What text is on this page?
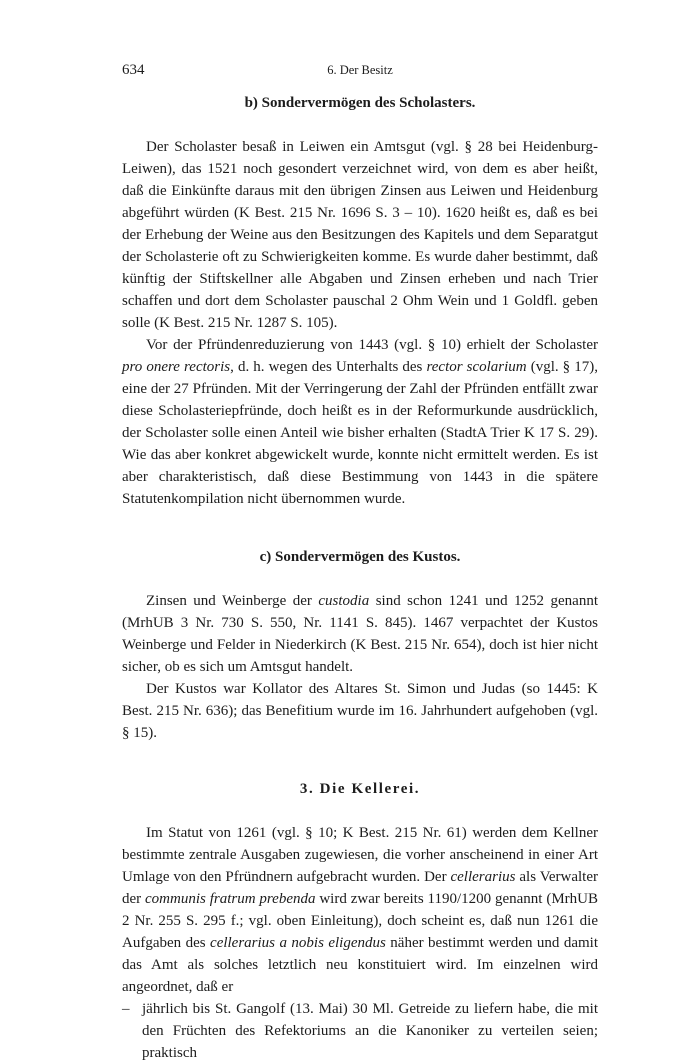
634	6. Der Besitz
b) Sondervermögen des Scholasters.

Der Scholaster besaß in Leiwen ein Amtsgut (vgl. § 28 bei Heidenburg-Leiwen), das 1521 noch gesondert verzeichnet wird, von dem es aber heißt, daß die Einkünfte daraus mit den übrigen Zinsen aus Leiwen und Heidenburg abgeführt würden (K Best. 215 Nr. 1696 S. 3 – 10). 1620 heißt es, daß es bei der Erhebung der Weine aus den Besitzungen des Kapitels und dem Separatgut der Scholasterie oft zu Schwierigkeiten komme. Es wurde daher bestimmt, daß künftig der Stiftskellner alle Abgaben und Zinsen erheben und nach Trier schaffen und dort dem Scholaster pauschal 2 Ohm Wein und 1 Goldfl. geben solle (K Best. 215 Nr. 1287 S. 105).

Vor der Pfründenreduzierung von 1443 (vgl. § 10) erhielt der Scholaster pro onere rectoris, d. h. wegen des Unterhalts des rector scolarium (vgl. § 17), eine der 27 Pfründen. Mit der Verringerung der Zahl der Pfründen entfällt zwar diese Scholasteriepfründe, doch heißt es in der Reformurkunde ausdrücklich, der Scholaster solle einen Anteil wie bisher erhalten (StadtA Trier K 17 S. 29). Wie das aber konkret abgewickelt wurde, konnte nicht ermittelt werden. Es ist aber charakteristisch, daß diese Bestimmung von 1443 in die spätere Statutenkompilation nicht übernommen wurde.

c) Sondervermögen des Kustos.

Zinsen und Weinberge der custodia sind schon 1241 und 1252 genannt (MrhUB 3 Nr. 730 S. 550, Nr. 1141 S. 845). 1467 verpachtet der Kustos Weinberge und Felder in Niederkirch (K Best. 215 Nr. 654), doch ist hier nicht sicher, ob es sich um Amtsgut handelt.

Der Kustos war Kollator des Altares St. Simon und Judas (so 1445: K Best. 215 Nr. 636); das Benefitium wurde im 16. Jahrhundert aufgehoben (vgl. § 15).

3. Die Kellerei.

Im Statut von 1261 (vgl. § 10; K Best. 215 Nr. 61) werden dem Kellner bestimmte zentrale Ausgaben zugewiesen, die vorher anscheinend in einer Art Umlage von den Pfründnern aufgebracht wurden. Der cellerarius als Verwalter der communis fratrum prebenda wird zwar bereits 1190/1200 genannt (MrhUB 2 Nr. 255 S. 295 f.; vgl. oben Einleitung), doch scheint es, daß nun 1261 die Aufgaben des cellerarius a nobis eligendus näher bestimmt werden und damit das Amt als solches letztlich neu konstituiert wird. Im einzelnen wird angeordnet, daß er

– jährlich bis St. Gangolf (13. Mai) 30 Ml. Getreide zu liefern habe, die mit den Früchten des Refektoriums an die Kanoniker zu verteilen seien; praktisch
